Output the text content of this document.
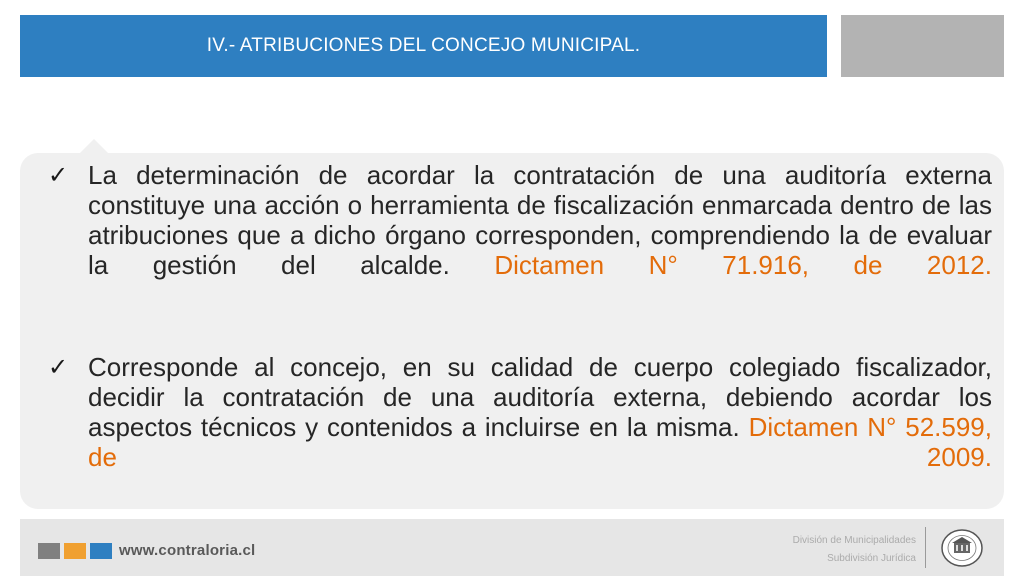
IV.- ATRIBUCIONES DEL CONCEJO MUNICIPAL.
✓ La determinación de acordar la contratación de una auditoría externa constituye una acción o herramienta de fiscalización enmarcada dentro de las atribuciones que a dicho órgano corresponden, comprendiendo la de evaluar la gestión del alcalde. Dictamen N° 71.916, de 2012.
✓ Corresponde al concejo, en su calidad de cuerpo colegiado fiscalizador, decidir la contratación de una auditoría externa, debiendo acordar los aspectos técnicos y contenidos a incluirse en la misma. Dictamen N° 52.599, de 2009.
www.contraloria.cl
División de Municipalidades
Subdivisión Jurídica
